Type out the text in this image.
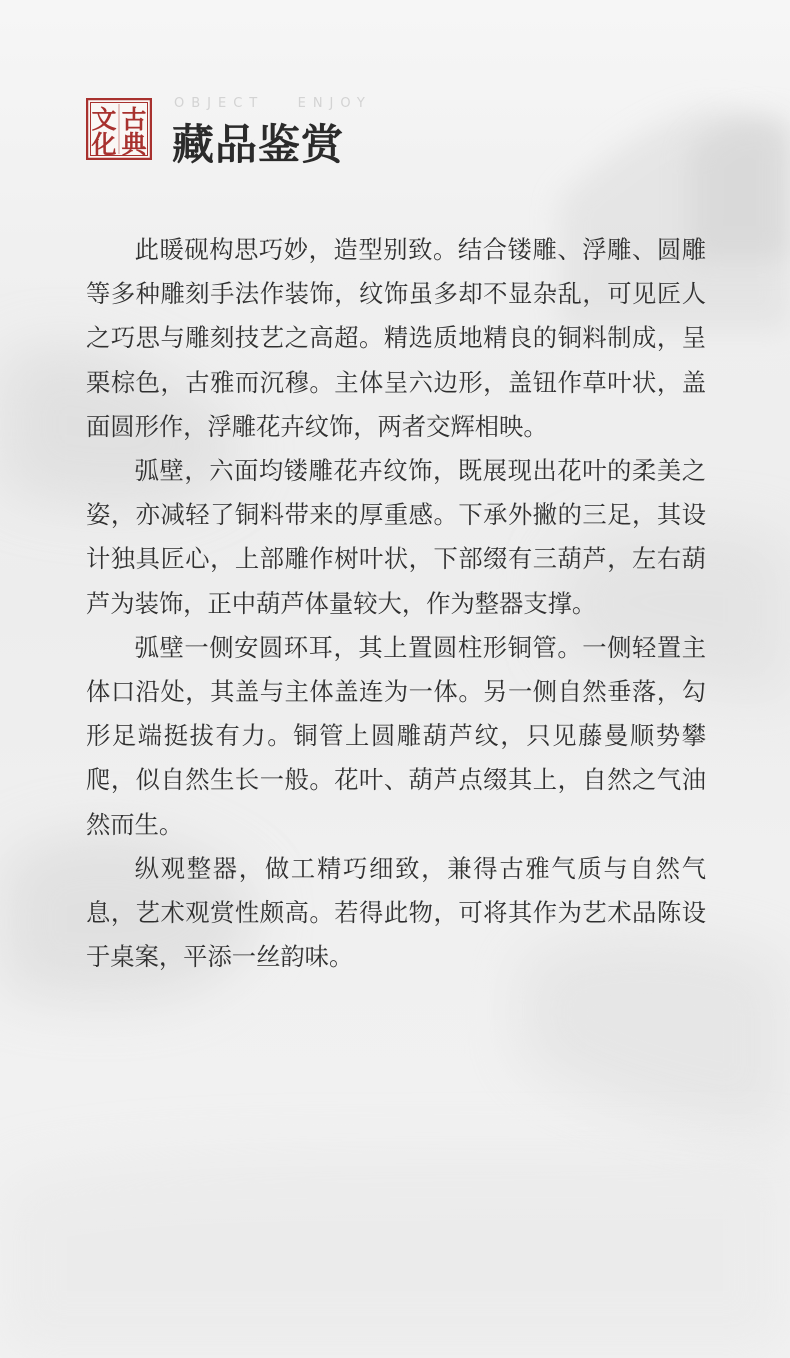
古
典
文
化
OBJECT   ENJOY
藏品鉴赏

此暖砚构思巧妙，造型别致。结合镂雕、浮雕、圆雕等多种雕刻手法作装饰，纹饰虽多却不显杂乱，可见匠人之巧思与雕刻技艺之高超。精选质地精良的铜料制成，呈栗棕色，古雅而沉穆。主体呈六边形，盖钮作草叶状，盖面圆形作，浮雕花卉纹饰，两者交辉相映。

弧壁，六面均镂雕花卉纹饰，既展现出花叶的柔美之姿，亦减轻了铜料带来的厚重感。下承外撇的三足，其设计独具匠心，上部雕作树叶状，下部缀有三葫芦，左右葫芦为装饰，正中葫芦体量较大，作为整器支撑。

弧壁一侧安圆环耳，其上置圆柱形铜管。一侧轻置主体口沿处，其盖与主体盖连为一体。另一侧自然垂落，勾形足端挺拔有力。铜管上圆雕葫芦纹，只见藤曼顺势攀爬，似自然生长一般。花叶、葫芦点缀其上，自然之气油然而生。

纵观整器，做工精巧细致，兼得古雅气质与自然气息，艺术观赏性颇高。若得此物，可将其作为艺术品陈设于桌案，平添一丝韵味。
